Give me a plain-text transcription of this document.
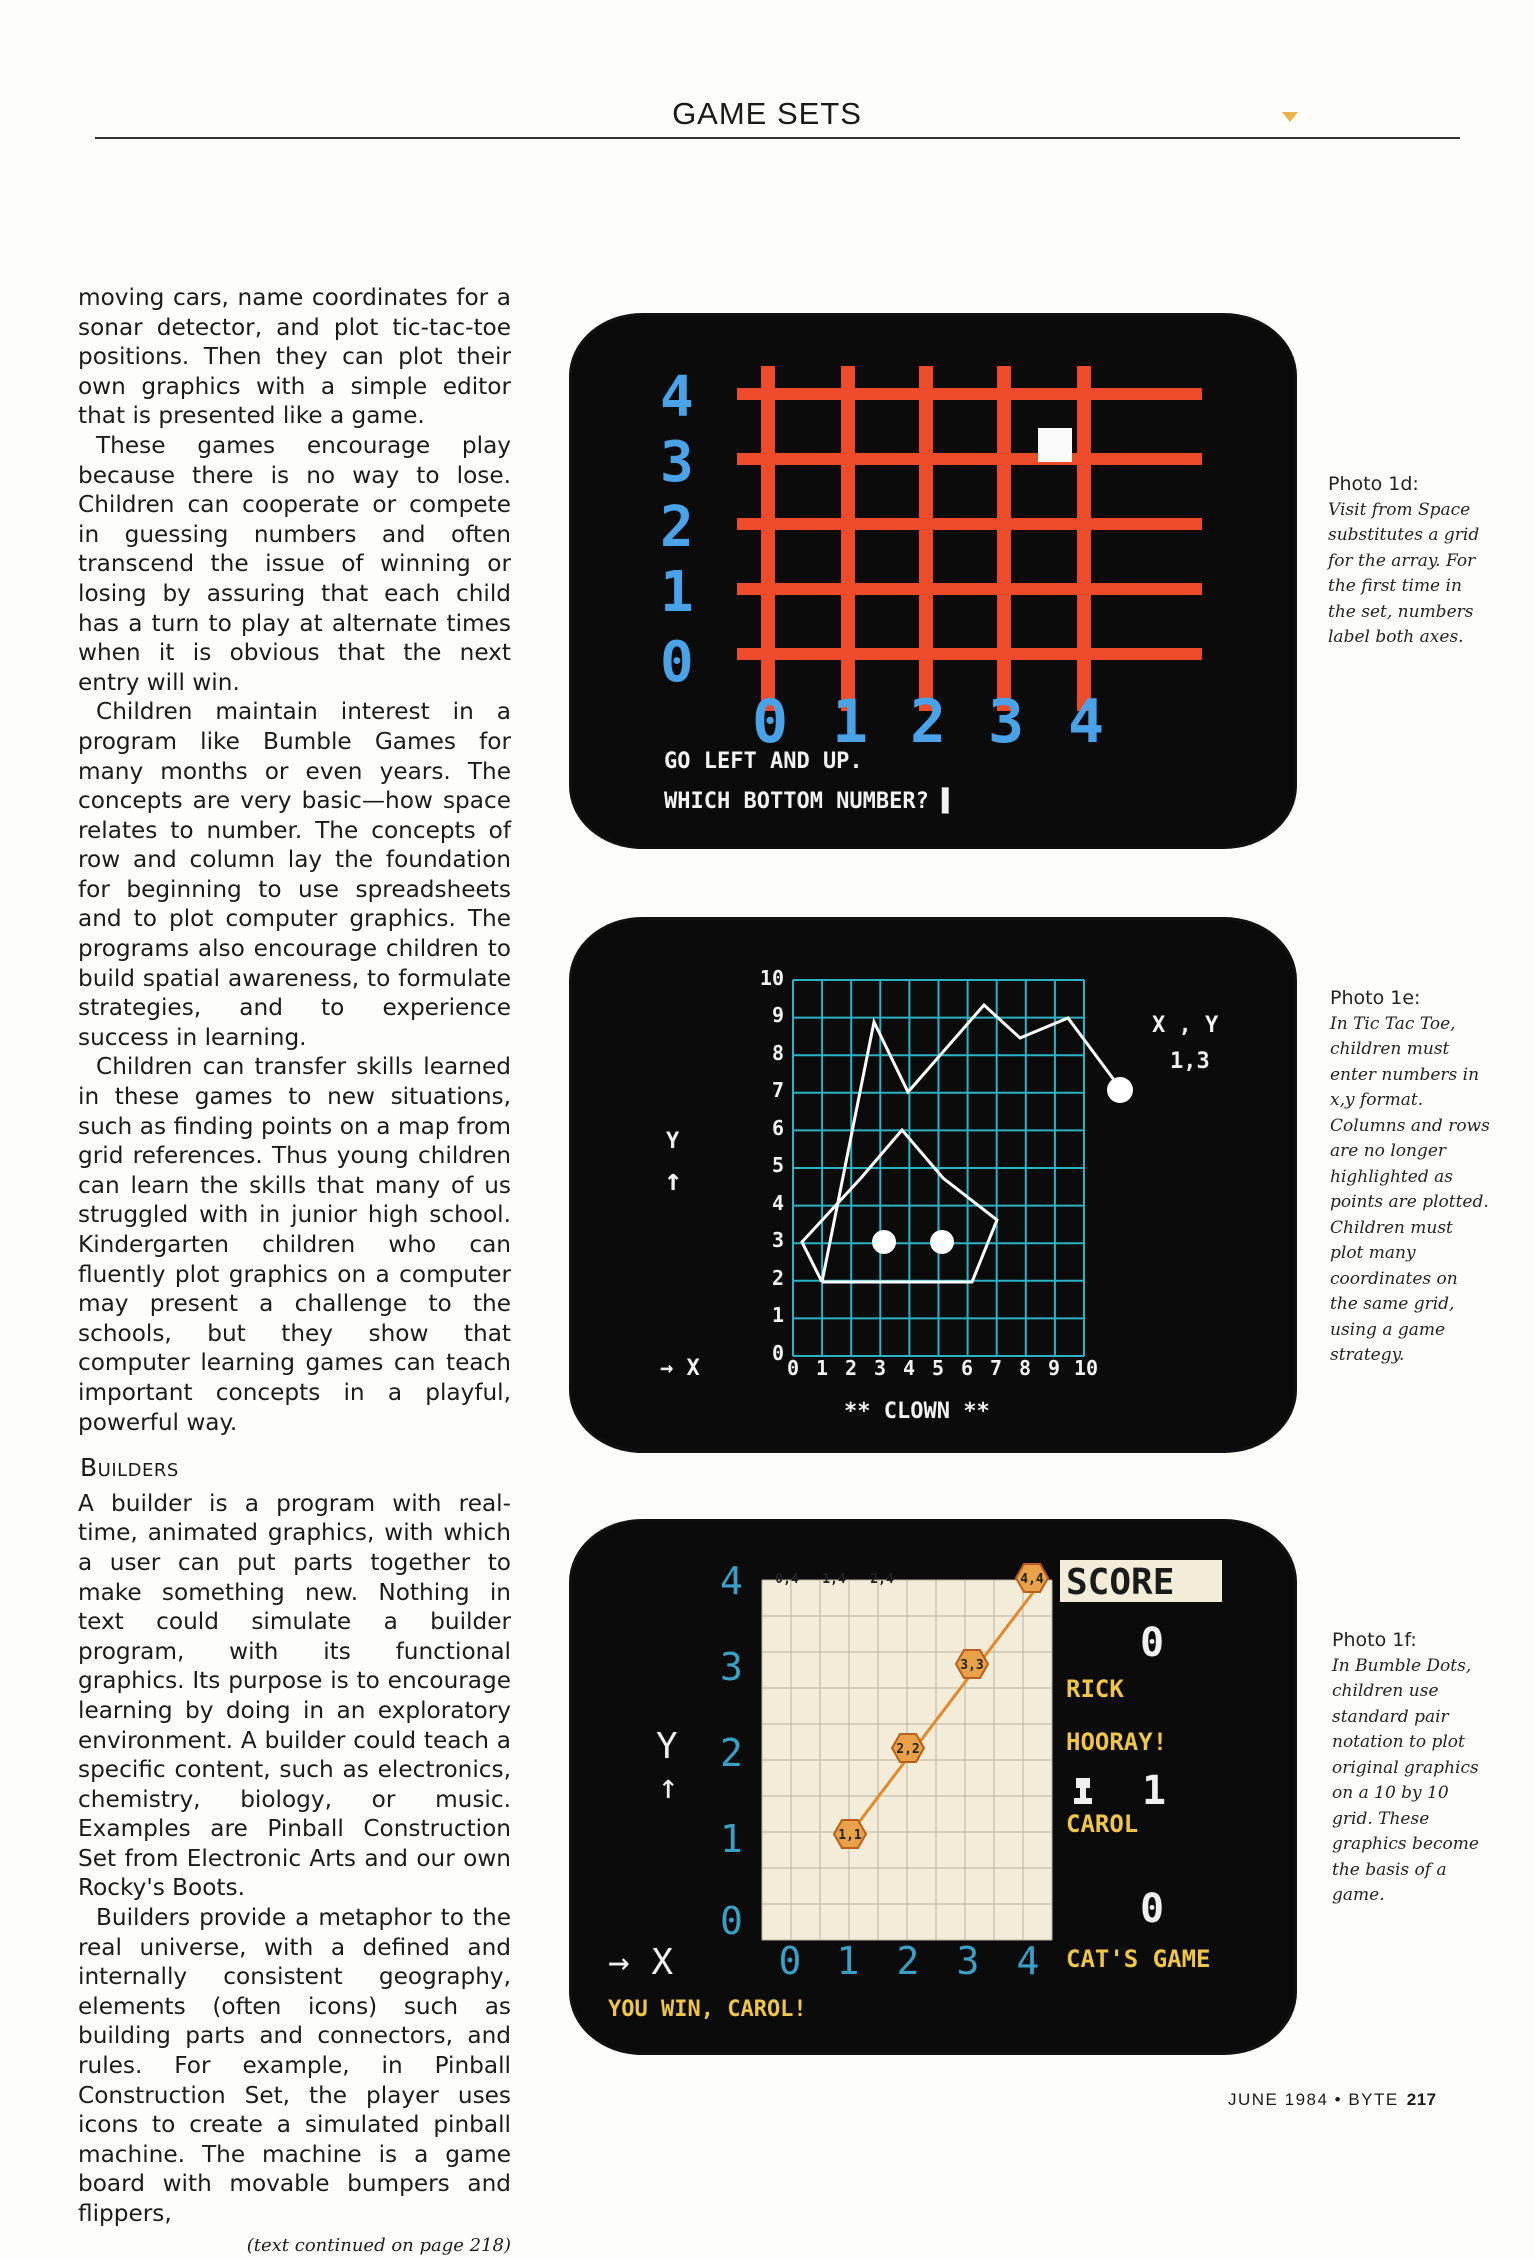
GAME SETS

moving cars, name coordinates for a sonar detector, and plot tic-tac-toe positions. Then they can plot their own graphics with a simple editor that is presented like a game.

These games encourage play because there is no way to lose. Children can cooperate or compete in guessing numbers and often transcend the issue of winning or losing by assuring that each child has a turn to play at alternate times when it is obvious that the next entry will win.

Children maintain interest in a program like Bumble Games for many months or even years. The concepts are very basic—how space relates to number. The concepts of row and column lay the foundation for beginning to use spreadsheets and to plot computer graphics. The programs also encourage children to build spatial awareness, to formulate strategies, and to experience success in learning.

Children can transfer skills learned in these games to new situations, such as finding points on a map from grid references. Thus young children can learn the skills that many of us struggled with in junior high school. Kindergarten children who can fluently plot graphics on a computer may present a challenge to the schools, but they show that computer learning games can teach important concepts in a playful, powerful way.

Builders

A builder is a program with real-time, animated graphics, with which a user can put parts together to make something new. Nothing in text could simulate a builder program, with its functional graphics. Its purpose is to encourage learning by doing in an exploratory environment. A builder could teach a specific content, such as electronics, chemistry, biology, or music. Examples are Pinball Construction Set from Electronic Arts and our own Rocky's Boots.

Builders provide a metaphor to the real universe, with a defined and internally consistent geography, elements (often icons) such as building parts and connectors, and rules. For example, in Pinball Construction Set, the player uses icons to create a simulated pinball machine. The machine is a game board with movable bumpers and flippers,

(text continued on page 218)
4
3
2
1
0
0 1 2 3 4
GO LEFT AND UP.
WHICH BOTTOM NUMBER? ▌
Photo 1d:
Visit from Space substitutes a grid for the array. For the first time in the set, numbers label both axes.
10
9
8
7
6
5
4
3
2
1
0
0 1 2 3 4 5 6 7 8 9 10
X , Y
1,3
Y
↑
→ X
** CLOWN **
Photo 1e:
In Tic Tac Toe, children must enter numbers in x,y format. Columns and rows are no longer highlighted as points are plotted. Children must plot many coordinates on the same grid, using a game strategy.
1,1
2,2
3,3
4,4
0,4 1,4 2,4
4
3
2
1
0
0 1 2 3 4
Y
↑
→ X
SCORE
0
RICK
HOORAY!
1
CAROL
0
CAT'S GAME
YOU WIN, CAROL!
Photo 1f:
In Bumble Dots, children use standard pair notation to plot original graphics on a 10 by 10 grid. These graphics become the basis of a game.
JUNE 1984 • BYTE 217
